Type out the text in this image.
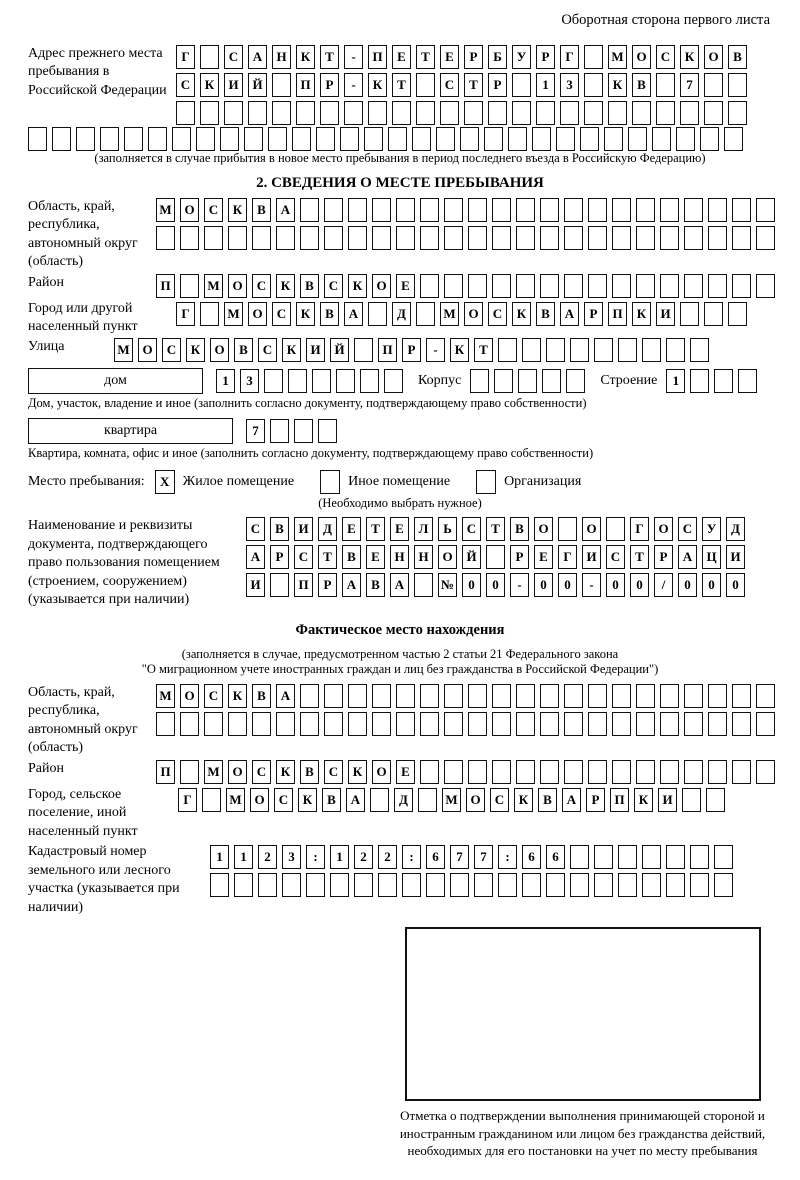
Оборотная сторона первого листа
Адрес прежнего места пребывания в Российской Федерации
Г	С	А	Н	К	Т	-	П	Е	Т	Е	Р	Б	У	Р	Г	М О	С	К	О	В
С	К	И	Й	П	Р	-	К	Т	С	Т	Р	1	3	К	В	7
(заполняется в случае прибытия в новое место пребывания в период последнего въезда в Российскую Федерацию)
2. СВЕДЕНИЯ О МЕСТЕ ПРЕБЫВАНИЯ
Область, край, республика, автономный округ (область)
М О	С	К	В	А
Район	П	М О	С	К	В	С	К	О	Е
Город или другой населенный пункт
Г	М О	С	К	В	А	Д	М О	С	К	В	А	Р	П	К	И
Улица	М О	С	К	О	В	С	К	И	Й	П	Р	-	К	Т
дом	1	3	Корпус	Строение	1
Дом, участок, владение и иное (заполнить согласно документу, подтверждающему право собственности)
квартира	7
Квартира, комната, офис и иное (заполнить согласно документу, подтверждающему право собственности)
Место пребывания:	X Жилое помещение	Иное помещение	Организация
(Необходимо выбрать нужное)
Наименование и реквизиты документа, подтверждающего право пользования помещением (строением, сооружением) (указывается при наличии)
С	В	И	Д	Е	Т	Е	Л	Ь	С	Т	В	О	О	Г	О	С	У	Д
А	Р	С	Т	В	Е	Н	Н	О	Й	Р	Е	Г	И	С	Т	Р	А	Ц	И
И	П	Р	А	В	А	№	0	0	-	0	0	-	0	0	/	0	0	0
Фактическое место нахождения
(заполняется в случае, предусмотренном частью 2 статьи 21 Федерального закона
"О миграционном учете иностранных граждан и лиц без гражданства в Российской Федерации")
Область, край, республика, автономный округ (область)
М О	С	К	В	А
Район	П	М О	С	К	В	С	К	О	Е
Город, сельское поселение, иной населенный пункт
Г	М О	С	К	В	А	Д	М О	С	К	В	А	Р	П	К	И
Кадастровый номер земельного или лесного участка (указывается при наличии)
1	1	2	3	:	1	2	2	:	6	7	7	:	6	6
Отметка о подтверждении выполнения принимающей стороной и иностранным гражданином или лицом без гражданства действий, необходимых для его постановки на учет по месту пребывания
